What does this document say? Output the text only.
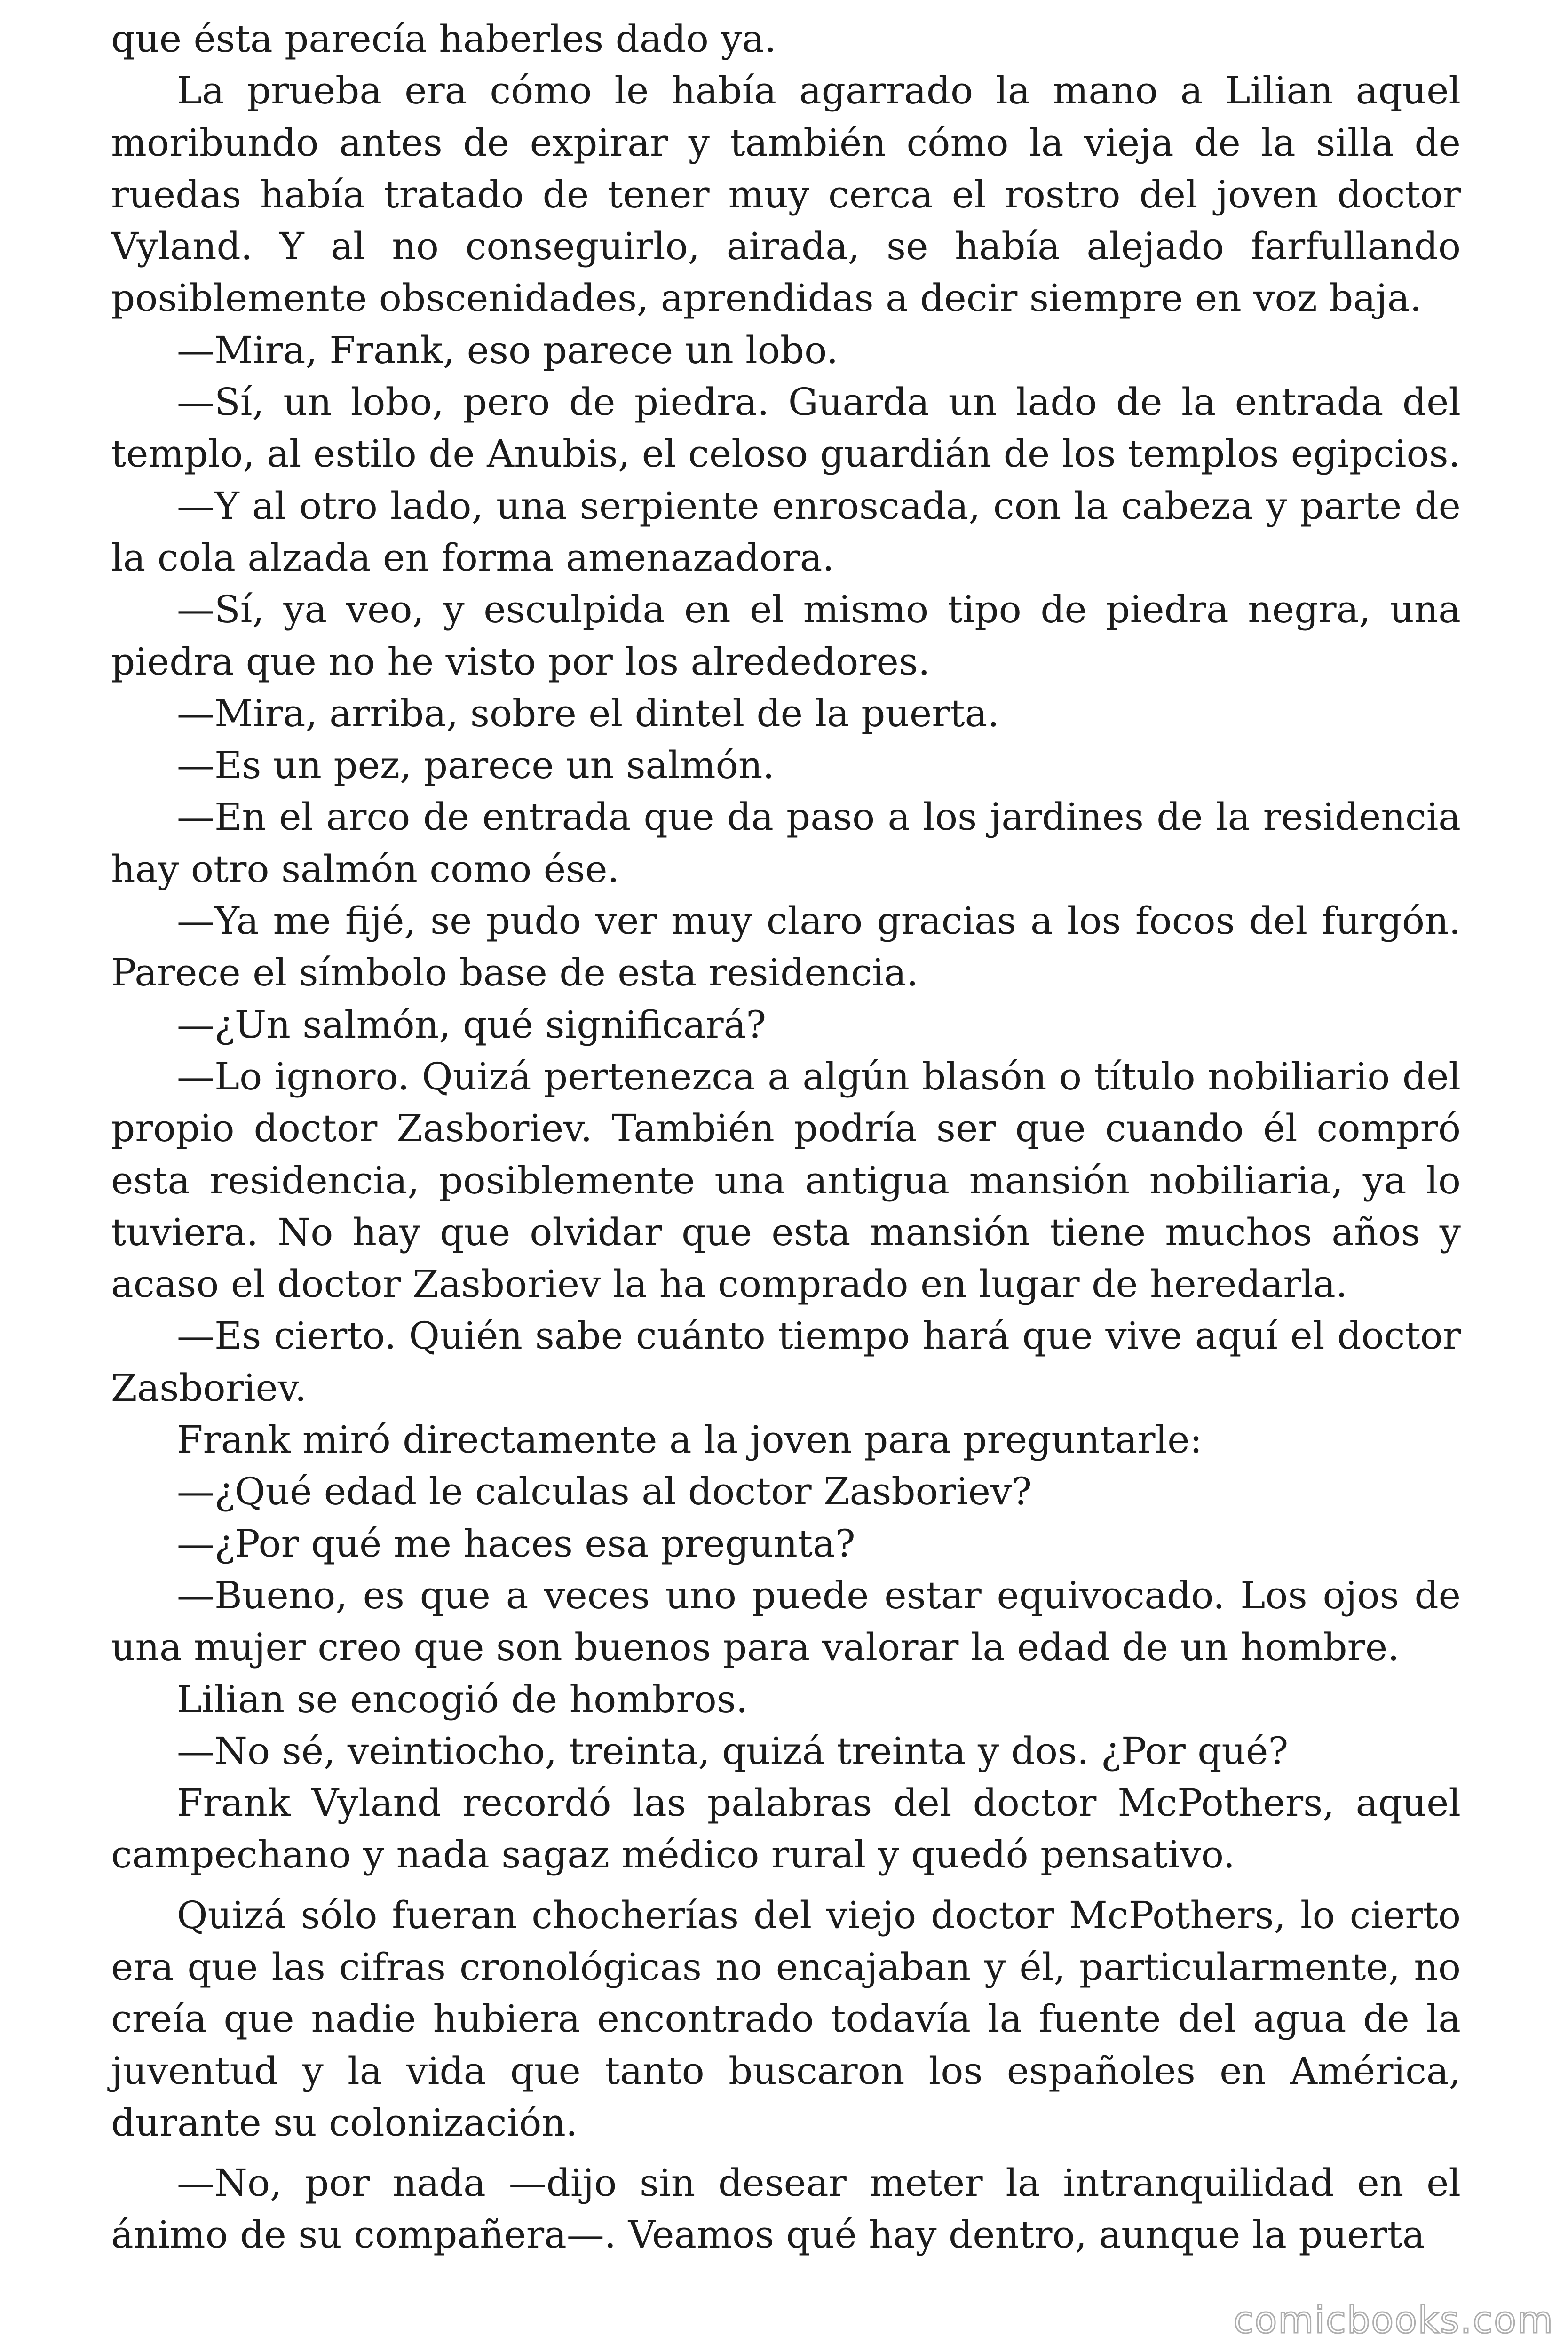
que ésta parecía haberles dado ya.

La prueba era cómo le había agarrado la mano a Lilian aquel moribundo antes de expirar y también cómo la vieja de la silla de ruedas había tratado de tener muy cerca el rostro del joven doctor Vyland. Y al no conseguirlo, airada, se había alejado farfullando posiblemente obscenidades, aprendidas a decir siempre en voz baja.

—Mira, Frank, eso parece un lobo.

—Sí, un lobo, pero de piedra. Guarda un lado de la entrada del templo, al estilo de Anubis, el celoso guardián de los templos egipcios.

—Y al otro lado, una serpiente enroscada, con la cabeza y parte de la cola alzada en forma amenazadora.

—Sí, ya veo, y esculpida en el mismo tipo de piedra negra, una piedra que no he visto por los alrededores.

—Mira, arriba, sobre el dintel de la puerta.

—Es un pez, parece un salmón.

—En el arco de entrada que da paso a los jardines de la residencia hay otro salmón como ése.

—Ya me fijé, se pudo ver muy claro gracias a los focos del furgón. Parece el símbolo base de esta residencia.

—¿Un salmón, qué significará?

—Lo ignoro. Quizá pertenezca a algún blasón o título nobiliario del propio doctor Zasboriev. También podría ser que cuando él compró esta residencia, posiblemente una antigua mansión nobiliaria, ya lo tuviera. No hay que olvidar que esta mansión tiene muchos años y acaso el doctor Zasboriev la ha comprado en lugar de heredarla.

—Es cierto. Quién sabe cuánto tiempo hará que vive aquí el doctor Zasboriev.

Frank miró directamente a la joven para preguntarle:

—¿Qué edad le calculas al doctor Zasboriev?

—¿Por qué me haces esa pregunta?

—Bueno, es que a veces uno puede estar equivocado. Los ojos de una mujer creo que son buenos para valorar la edad de un hombre.

Lilian se encogió de hombros.

—No sé, veintiocho, treinta, quizá treinta y dos. ¿Por qué?

Frank Vyland recordó las palabras del doctor McPothers, aquel campechano y nada sagaz médico rural y quedó pensativo.

Quizá sólo fueran chocherías del viejo doctor McPothers, lo cierto era que las cifras cronológicas no encajaban y él, particularmente, no creía que nadie hubiera encontrado todavía la fuente del agua de la juventud y la vida que tanto buscaron los españoles en América, durante su colonización.

—No, por nada —dijo sin desear meter la intranquilidad en el ánimo de su compañera—. Veamos qué hay dentro, aunque la puerta

comicbooks.com
